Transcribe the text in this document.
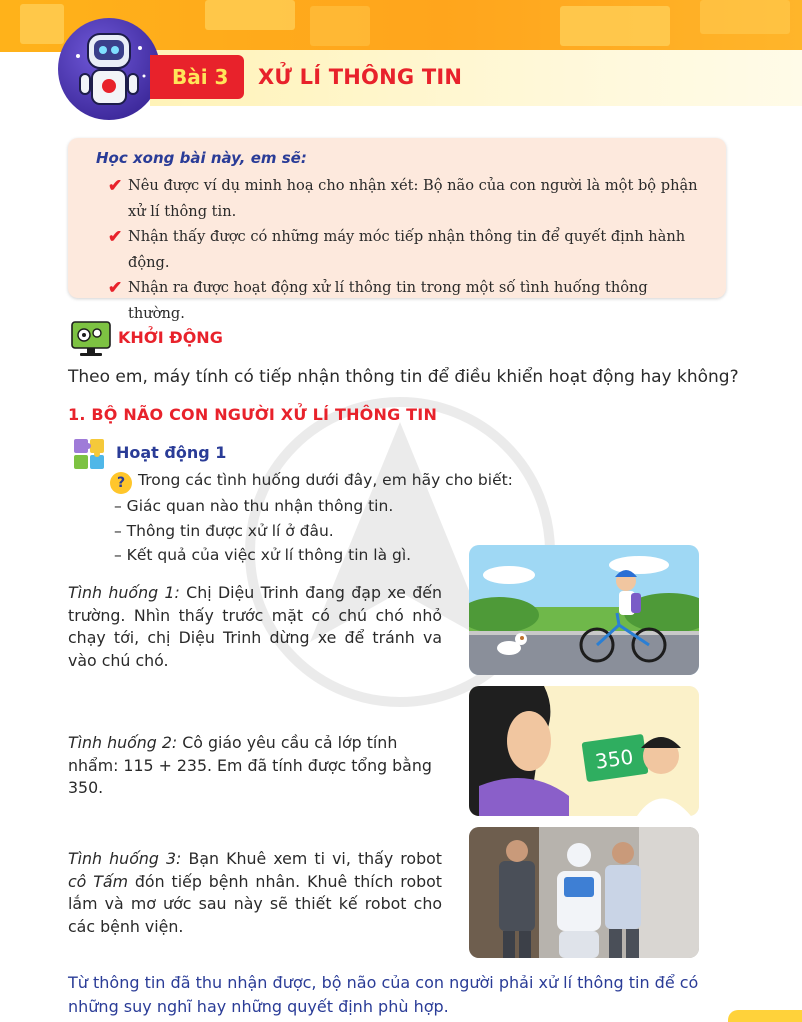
Bài 3	XỬ LÍ THÔNG TIN
Học xong bài này, em sẽ:
✔ Nêu được ví dụ minh hoạ cho nhận xét: Bộ não của con người là một bộ phận xử lí thông tin.
✔ Nhận thấy được có những máy móc tiếp nhận thông tin để quyết định hành động.
✔ Nhận ra được hoạt động xử lí thông tin trong một số tình huống thông thường.
KHỞI ĐỘNG
Theo em, máy tính có tiếp nhận thông tin để điều khiển hoạt động hay không?
1. BỘ NÃO CON NGƯỜI XỬ LÍ THÔNG TIN
Hoạt động 1
? Trong các tình huống dưới đây, em hãy cho biết:
– Giác quan nào thu nhận thông tin.
– Thông tin được xử lí ở đâu.
– Kết quả của việc xử lí thông tin là gì.
Tình huống 1: Chị Diệu Trinh đang đạp xe đến trường. Nhìn thấy trước mặt có chú chó nhỏ chạy tới, chị Diệu Trinh dừng xe để tránh va vào chú chó.
Tình huống 2: Cô giáo yêu cầu cả lớp tính nhẩm: 115 + 235. Em đã tính được tổng bằng 350.
Tình huống 3: Bạn Khuê xem ti vi, thấy robot cô Tấm đón tiếp bệnh nhân. Khuê thích robot lắm và mơ ước sau này sẽ thiết kế robot cho các bệnh viện.
350
Từ thông tin đã thu nhận được, bộ não của con người phải xử lí thông tin để có những suy nghĩ hay những quyết định phù hợp.
